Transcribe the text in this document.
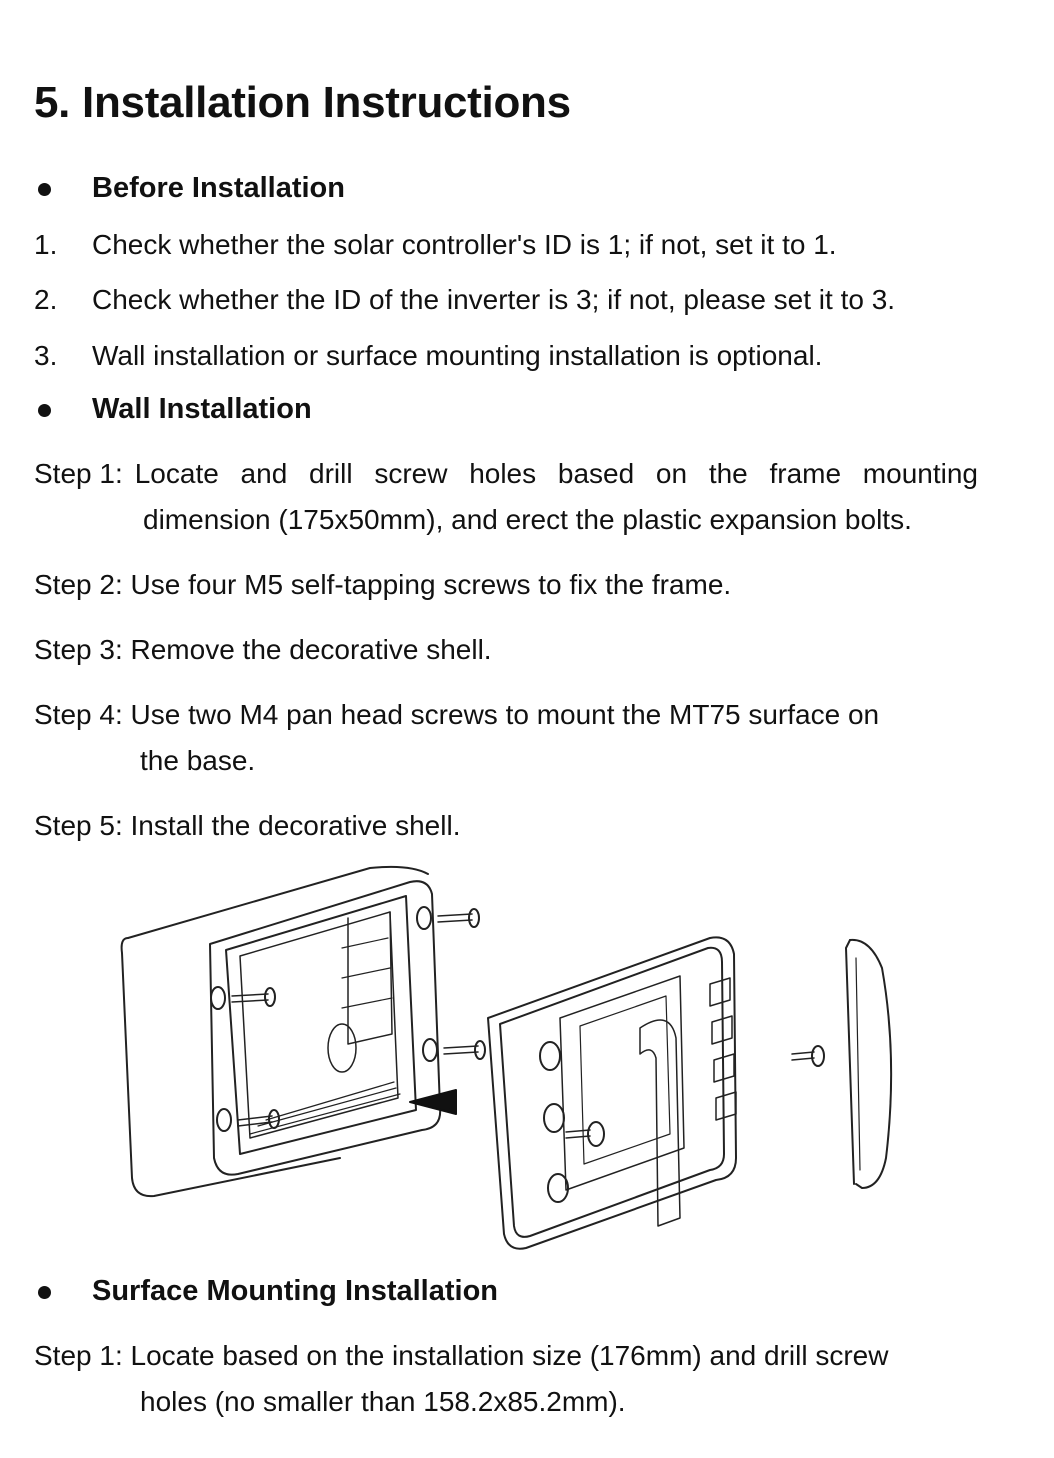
5. Installation Instructions
Before Installation
1. Check whether the solar controller's ID is 1; if not, set it to 1.
2. Check whether the ID of the inverter is 3; if not, please set it to 3.
3. Wall installation or surface mounting installation is optional.
Wall Installation
Step 1: Locate and drill screw holes based on the frame mounting
dimension (175x50mm), and erect the plastic expansion bolts.
Step 2: Use four M5 self-tapping screws to fix the frame.
Step 3: Remove the decorative shell.
Step 4: Use two M4 pan head screws to mount the MT75 surface on
the base.
Step 5: Install the decorative shell.
Surface Mounting Installation
Step 1: Locate based on the installation size (176mm) and drill screw
holes (no smaller than 158.2x85.2mm).
